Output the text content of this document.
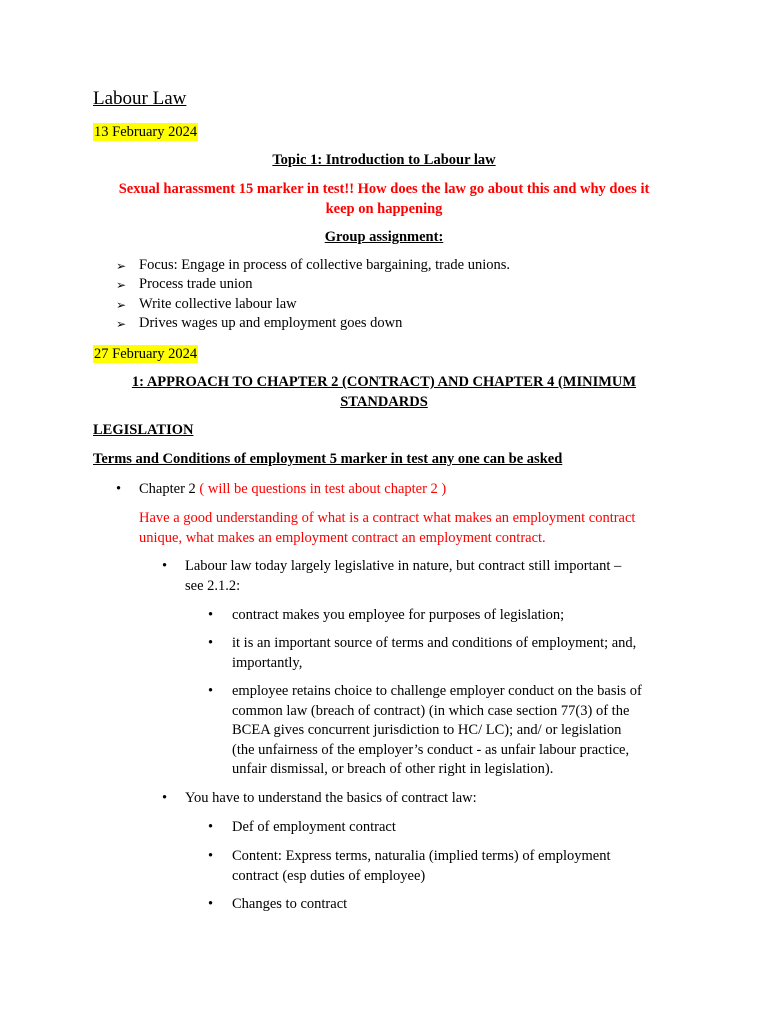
Labour Law
13 February 2024
Topic 1: Introduction to Labour law
Sexual harassment 15 marker in test!! How does the law go about this and why does it
keep on happening
Group assignment:
➢ Focus: Engage in process of collective bargaining, trade unions.
➢ Process trade union
➢ Write collective labour law
➢ Drives wages up and employment goes down
27 February 2024
1: APPROACH TO CHAPTER 2 (CONTRACT) AND CHAPTER 4 (MINIMUM
STANDARDS
LEGISLATION
Terms and Conditions of employment 5 marker in test any one can be asked
• Chapter 2 ( will be questions in test about chapter 2 )
Have a good understanding of what is a contract what makes an employment contract
unique, what makes an employment contract an employment contract.
• Labour law today largely legislative in nature, but contract still important –
see 2.1.2:
• contract makes you employee for purposes of legislation;
• it is an important source of terms and conditions of employment; and,
importantly,
• employee retains choice to challenge employer conduct on the basis of
common law (breach of contract) (in which case section 77(3) of the
BCEA gives concurrent jurisdiction to HC/ LC); and/ or legislation
(the unfairness of the employer’s conduct - as unfair labour practice,
unfair dismissal, or breach of other right in legislation).
• You have to understand the basics of contract law:
• Def of employment contract
• Content: Express terms, naturalia (implied terms) of employment
contract (esp duties of employee)
• Changes to contract
